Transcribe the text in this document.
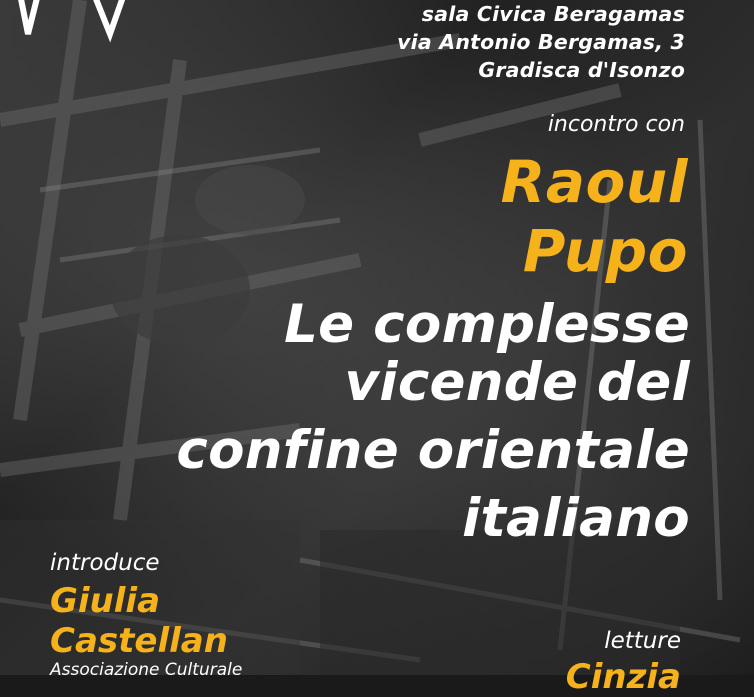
sala Civica Beragamas

via Antonio Bergamas, 3

Gradisca d'Isonzo

incontro con

Raoul

Pupo

Le complesse

vicende del

confine orientale

italiano

introduce

Giulia

Castellan

Associazione Culturale

letture

Cinzia
